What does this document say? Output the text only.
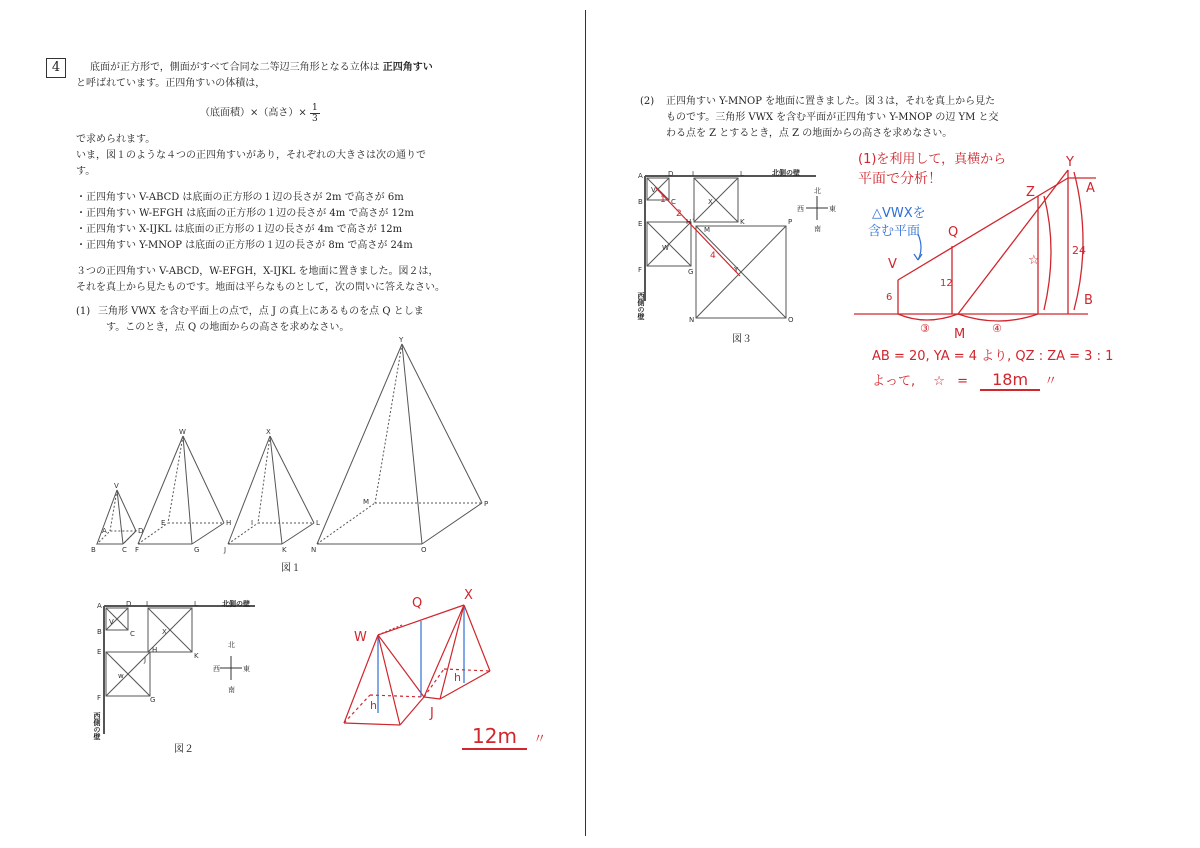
4	底面が正方形で，側面がすべて合同な二等辺三角形となる立体は 正四角すい
と呼ばれています。正四角すいの体積は，
（底面積）×（高さ）× $\frac{1}{3}$
で求められます。
いま，図１のような４つの正四角すいがあり，それぞれの大きさは次の通りで
す。
・正四角すい V-ABCD は底面の正方形の１辺の長さが 2m で高さが 6m
・正四角すい W-EFGH は底面の正方形の１辺の長さが 4m で高さが 12m
・正四角すい X-IJKL は底面の正方形の１辺の長さが 4m で高さが 12m
・正四角すい Y-MNOP は底面の正方形の１辺の長さが 8m で高さが 24m
３つの正四角すい V-ABCD，W-EFGH，X-IJKL を地面に置きました。図２は，
それを真上から見たものです。地面は平らなものとして，次の問いに答えなさい。
(1) 三角形 VWX を含む平面上の点で，点 J の真上にあるものを点 Q としま
す。このとき，点 Q の地面からの高さを求めなさい。
V
A
B	C
D
W
E
F	G
H
X
I
J	K
L
Y
M
N	O
P
図１
A	D I	L
B	C
V
X
E	H
J	K
w
F	G
北側の壁
西側の壁
北
西	東
南
図２
W
Q
X
J
h
h
12m 〃
(2) 正四角すい Y-MNOP を地面に置きました。図３は，それを真上から見た
ものです。三角形 VWX を含む平面が正四角すい Y-MNOP の辺 YM と交
わる点を Z とするとき，点 Z の地面からの高さを求めなさい。
A	D	I	L
B	C
V
X
E
J
M
K	P
W
H
F	G	Y
N	O
1
2
4
北側の壁
西側の壁
北
西	東
南
図３
(1)を利用して，真横から
平面で分析！
△VWXを
含む平面
Y
A
Z
Q
V
6
12
24
☆
B
③ M ④
AB = 20, YA = 4 より, QZ : ZA = 3 : 1
よって, ☆ = 18m 〃
